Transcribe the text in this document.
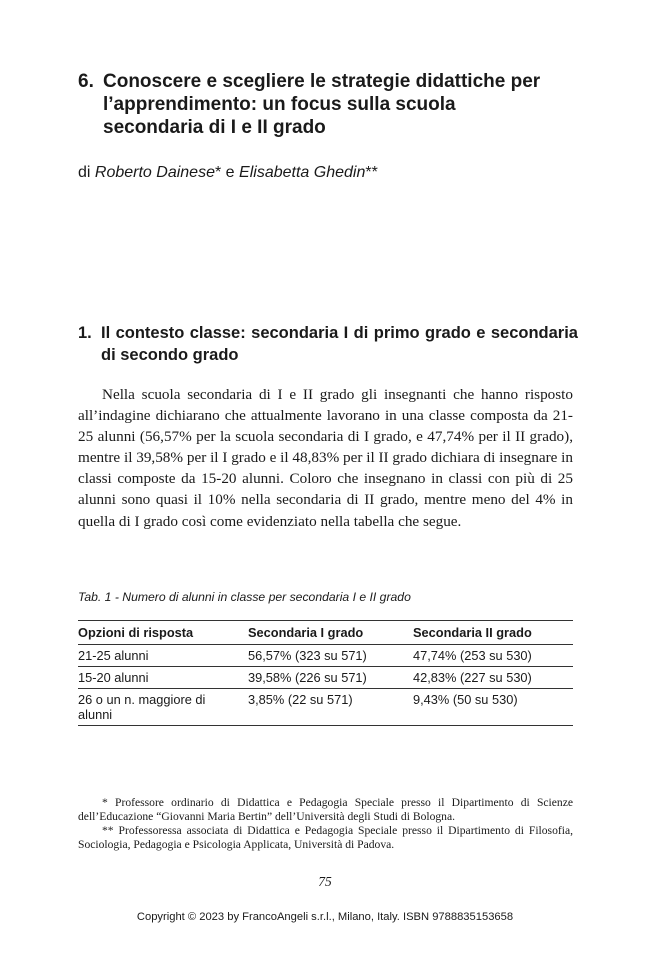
6. Conoscere e scegliere le strategie didattiche per l’apprendimento: un focus sulla scuola secondaria di I e II grado
di Roberto Dainese* e Elisabetta Ghedin**
1. Il contesto classe: secondaria I di primo grado e secondaria di secondo grado

Nella scuola secondaria di I e II grado gli insegnanti che hanno risposto all’indagine dichiarano che attualmente lavorano in una classe composta da 21-25 alunni (56,57% per la scuola secondaria di I grado, e 47,74% per il II grado), mentre il 39,58% per il I grado e il 48,83% per il II grado dichiara di insegnare in classi composte da 15-20 alunni. Coloro che insegnano in classi con più di 25 alunni sono quasi il 10% nella secondaria di II grado, mentre meno del 4% in quella di I grado così come evidenziato nella tabella che segue.

Tab. 1 - Numero di alunni in classe per secondaria I e II grado
Opzioni di risposta	Secondaria I grado	Secondaria II grado
21-25 alunni	56,57% (323 su 571)	47,74% (253 su 530)
15-20 alunni	39,58% (226 su 571)	42,83% (227 su 530)
26 o un n. maggiore di alunni	3,85% (22 su 571)	9,43% (50 su 530)

* Professore ordinario di Didattica e Pedagogia Speciale presso il Dipartimento di Scienze dell’Educazione “Giovanni Maria Bertin” dell’Università degli Studi di Bologna.

** Professoressa associata di Didattica e Pedagogia Speciale presso il Dipartimento di Filosofia, Sociologia, Pedagogia e Psicologia Applicata, Università di Padova.

75
Copyright © 2023 by FrancoAngeli s.r.l., Milano, Italy. ISBN 9788835153658
